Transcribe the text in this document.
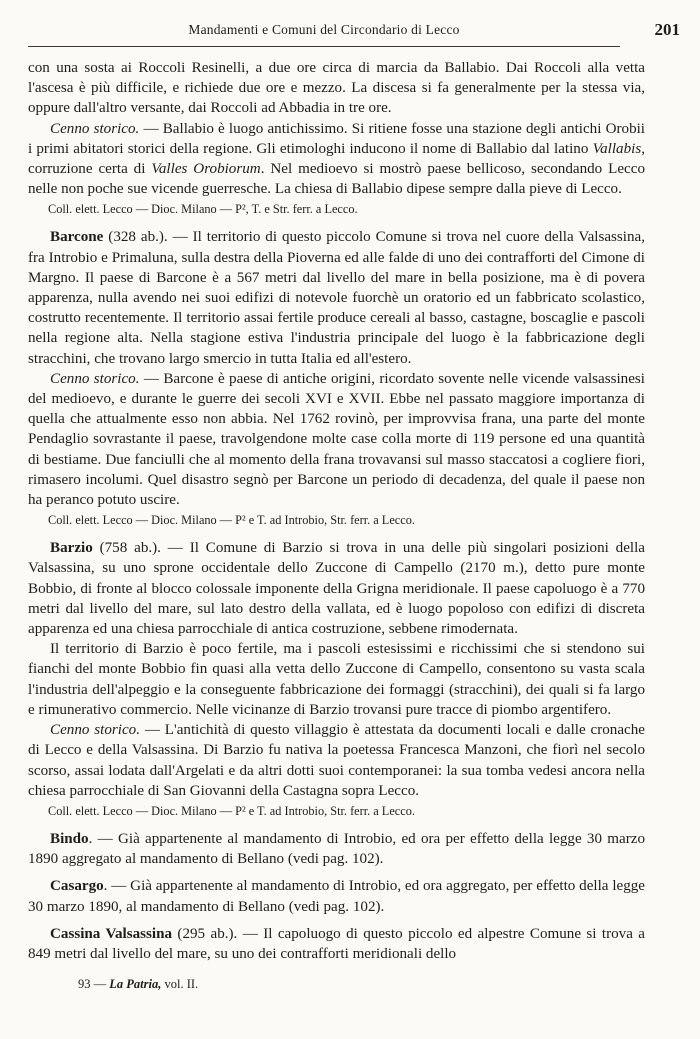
Mandamenti e Comuni del Circondario di Lecco	201

con una sosta ai Roccoli Resinelli, a due ore circa di marcia da Ballabio. Dai Roccoli alla vetta l'ascesa è più difficile, e richiede due ore e mezzo. La discesa si fa generalmente per la stessa via, oppure dall'altro versante, dai Roccoli ad Abbadia in tre ore.

Cenno storico. — Ballabio è luogo antichissimo. Si ritiene fosse una stazione degli antichi Orobii i primi abitatori storici della regione. Gli etimologhi inducono il nome di Ballabio dal latino Vallabis, corruzione certa di Valles Orobiorum. Nel medioevo si mostrò paese bellicoso, secondando Lecco nelle non poche sue vicende guerresche. La chiesa di Ballabio dipese sempre dalla pieve di Lecco.

Coll. elett. Lecco — Dioc. Milano — P², T. e Str. ferr. a Lecco.

Barcone (328 ab.). — Il territorio di questo piccolo Comune si trova nel cuore della Valsassina, fra Introbio e Primaluna, sulla destra della Pioverna ed alle falde di uno dei contrafforti del Cimone di Margno. Il paese di Barcone è a 567 metri dal livello del mare in bella posizione, ma è di povera apparenza, nulla avendo nei suoi edifizi di notevole fuorchè un oratorio ed un fabbricato scolastico, costrutto recentemente. Il territorio assai fertile produce cereali al basso, castagne, boscaglie e pascoli nella regione alta. Nella stagione estiva l'industria principale del luogo è la fabbricazione degli stracchini, che trovano largo smercio in tutta Italia ed all'estero.

Cenno storico. — Barcone è paese di antiche origini, ricordato sovente nelle vicende valsassinesi del medioevo, e durante le guerre dei secoli XVI e XVII. Ebbe nel passato maggiore importanza di quella che attualmente esso non abbia. Nel 1762 rovinò, per improvvisa frana, una parte del monte Pendaglio sovrastante il paese, travolgendone molte case colla morte di 119 persone ed una quantità di bestiame. Due fanciulli che al momento della frana trovavansi sul masso staccatosi a cogliere fiori, rimasero incolumi. Quel disastro segnò per Barcone un periodo di decadenza, del quale il paese non ha peranco potuto uscire.

Coll. elett. Lecco — Dioc. Milano — P² e T. ad Introbio, Str. ferr. a Lecco.

Barzio (758 ab.). — Il Comune di Barzio si trova in una delle più singolari posizioni della Valsassina, su uno sprone occidentale dello Zuccone di Campello (2170 m.), detto pure monte Bobbio, di fronte al blocco colossale imponente della Grigna meridionale. Il paese capoluogo è a 770 metri dal livello del mare, sul lato destro della vallata, ed è luogo popoloso con edifizi di discreta apparenza ed una chiesa parrocchiale di antica costruzione, sebbene rimodernata.

Il territorio di Barzio è poco fertile, ma i pascoli estesissimi e ricchissimi che si stendono sui fianchi del monte Bobbio fin quasi alla vetta dello Zuccone di Campello, consentono su vasta scala l'industria dell'alpeggio e la conseguente fabbricazione dei formaggi (stracchini), dei quali si fa largo e rimunerativo commercio. Nelle vicinanze di Barzio trovansi pure tracce di piombo argentifero.

Cenno storico. — L'antichità di questo villaggio è attestata da documenti locali e dalle cronache di Lecco e della Valsassina. Di Barzio fu nativa la poetessa Francesca Manzoni, che fiorì nel secolo scorso, assai lodata dall'Argelati e da altri dotti suoi contemporanei: la sua tomba vedesi ancora nella chiesa parrocchiale di San Giovanni della Castagna sopra Lecco.

Coll. elett. Lecco — Dioc. Milano — P² e T. ad Introbio, Str. ferr. a Lecco.

Bindo. — Già appartenente al mandamento di Introbio, ed ora per effetto della legge 30 marzo 1890 aggregato al mandamento di Bellano (vedi pag. 102).

Casargo. — Già appartenente al mandamento di Introbio, ed ora aggregato, per effetto della legge 30 marzo 1890, al mandamento di Bellano (vedi pag. 102).

Cassina Valsassina (295 ab.). — Il capoluogo di questo piccolo ed alpestre Comune si trova a 849 metri dal livello del mare, su uno dei contrafforti meridionali dello

93 — La Patria, vol. II.
